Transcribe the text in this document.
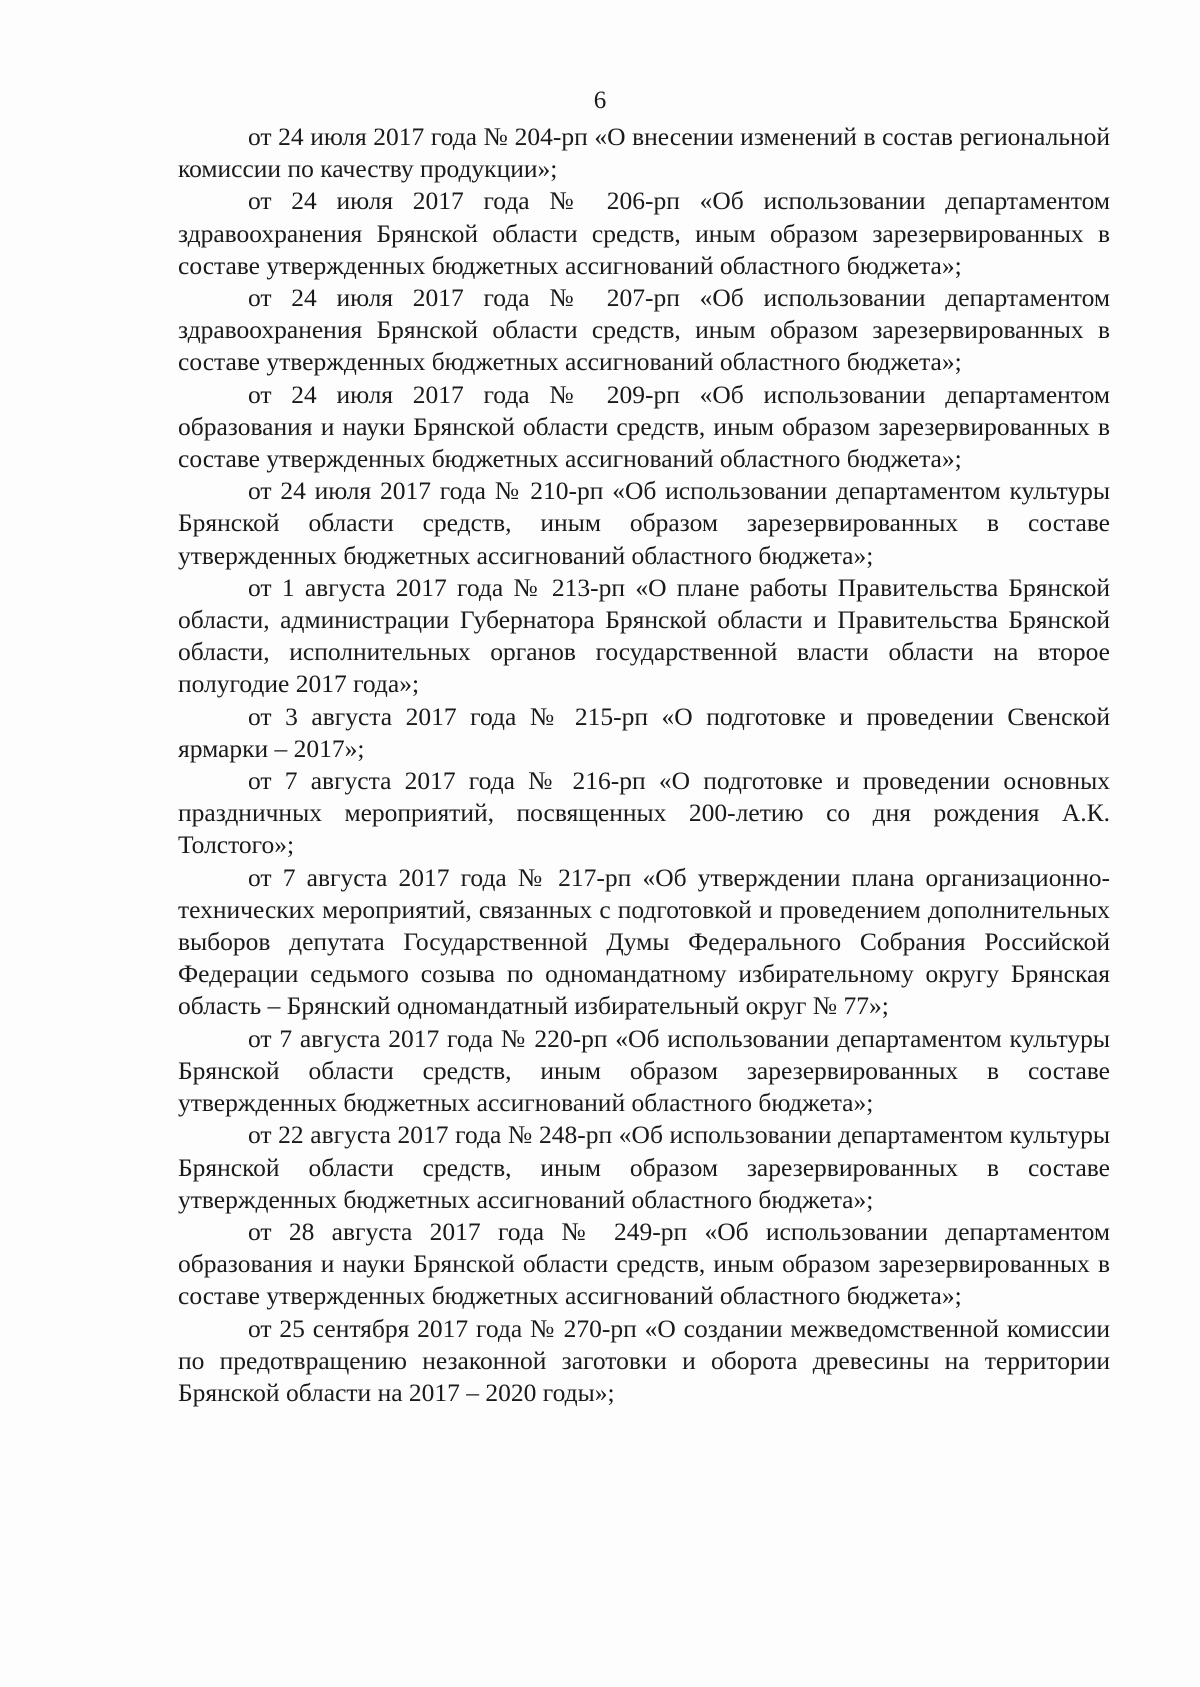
6

от 24 июля 2017 года № 204-рп «О внесении изменений в состав региональной комиссии по качеству продукции»;

от 24 июля 2017 года № 206-рп «Об использовании департаментом здравоохранения Брянской области средств, иным образом зарезервированных в составе утвержденных бюджетных ассигнований областного бюджета»;

от 24 июля 2017 года № 207-рп «Об использовании департаментом здравоохранения Брянской области средств, иным образом зарезервированных в составе утвержденных бюджетных ассигнований областного бюджета»;

от 24 июля 2017 года № 209-рп «Об использовании департаментом образования и науки Брянской области средств, иным образом зарезервированных в составе утвержденных бюджетных ассигнований областного бюджета»;

от 24 июля 2017 года № 210-рп «Об использовании департаментом культуры Брянской области средств, иным образом зарезервированных в составе утвержденных бюджетных ассигнований областного бюджета»;

от 1 августа 2017 года № 213-рп «О плане работы Правительства Брянской области, администрации Губернатора Брянской области и Правительства Брянской области, исполнительных органов государственной власти области на второе полугодие 2017 года»;

от 3 августа 2017 года № 215-рп «О подготовке и проведении Свенской ярмарки – 2017»;

от 7 августа 2017 года № 216-рп «О подготовке и проведении основных праздничных мероприятий, посвященных 200-летию со дня рождения А.К. Толстого»;

от 7 августа 2017 года № 217-рп «Об утверждении плана организационно-технических мероприятий, связанных с подготовкой и проведением дополнительных выборов депутата Государственной Думы Федерального Собрания Российской Федерации седьмого созыва по одномандатному избирательному округу Брянская область – Брянский одномандатный избирательный округ № 77»;

от 7 августа 2017 года № 220-рп «Об использовании департаментом культуры Брянской области средств, иным образом зарезервированных в составе утвержденных бюджетных ассигнований областного бюджета»;

от 22 августа 2017 года № 248-рп «Об использовании департаментом культуры Брянской области средств, иным образом зарезервированных в составе утвержденных бюджетных ассигнований областного бюджета»;

от 28 августа 2017 года № 249-рп «Об использовании департаментом образования и науки Брянской области средств, иным образом зарезервированных в составе утвержденных бюджетных ассигнований областного бюджета»;

от 25 сентября 2017 года № 270-рп «О создании межведомственной комиссии по предотвращению незаконной заготовки и оборота древесины на территории Брянской области на 2017 – 2020 годы»;
